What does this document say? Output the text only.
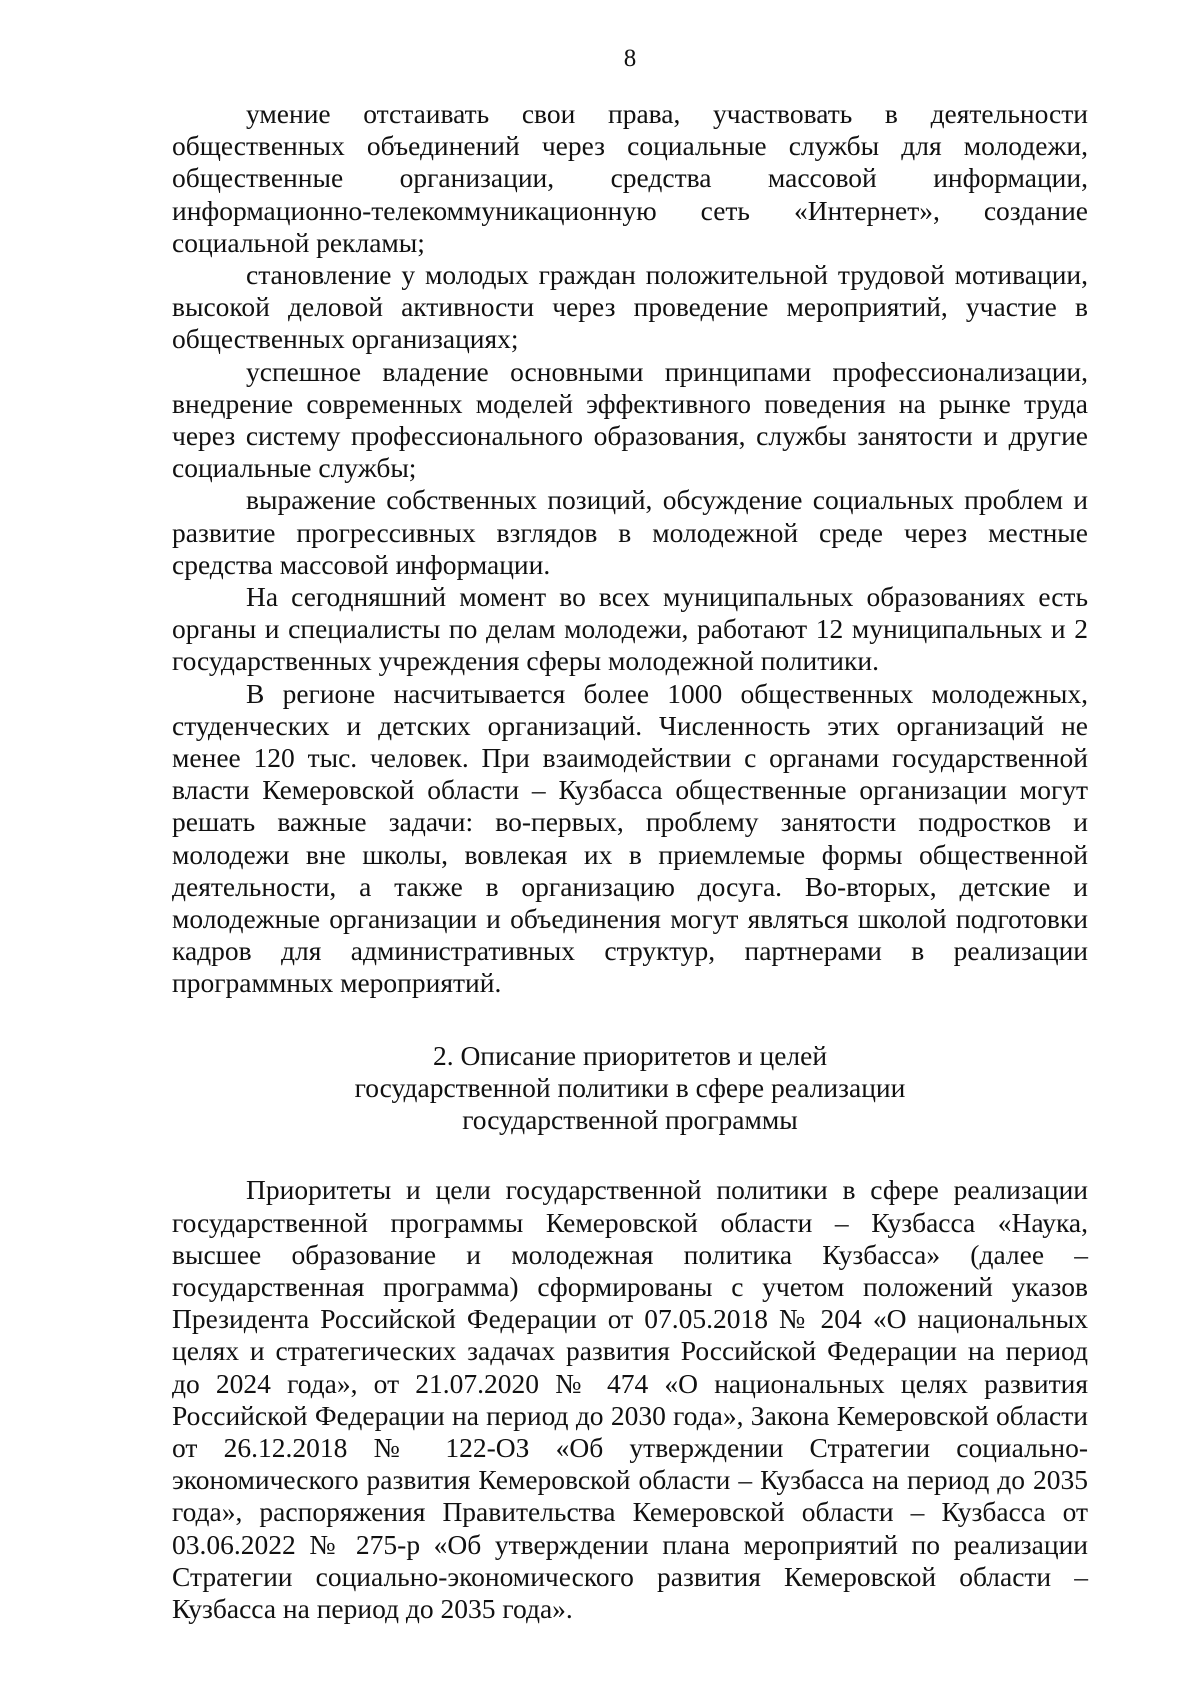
8

умение отстаивать свои права, участвовать в деятельности общественных объединений через социальные службы для молодежи, общественные организации, средства массовой информации, информационно-телекоммуникационную сеть «Интернет», создание социальной рекламы;

становление у молодых граждан положительной трудовой мотивации, высокой деловой активности через проведение мероприятий, участие в общественных организациях;

успешное владение основными принципами профессионализации, внедрение современных моделей эффективного поведения на рынке труда через систему профессионального образования, службы занятости и другие социальные службы;

выражение собственных позиций, обсуждение социальных проблем и развитие прогрессивных взглядов в молодежной среде через местные средства массовой информации.

На сегодняшний момент во всех муниципальных образованиях есть органы и специалисты по делам молодежи, работают 12 муниципальных и 2 государственных учреждения сферы молодежной политики.

В регионе насчитывается более 1000 общественных молодежных, студенческих и детских организаций. Численность этих организаций не менее 120 тыс. человек. При взаимодействии с органами государственной власти Кемеровской области – Кузбасса общественные организации могут решать важные задачи: во-первых, проблему занятости подростков и молодежи вне школы, вовлекая их в приемлемые формы общественной деятельности, а также в организацию досуга. Во-вторых, детские и молодежные организации и объединения могут являться школой подготовки кадров для административных структур, партнерами в реализации программных мероприятий.

2. Описание приоритетов и целей
государственной политики в сфере реализации
государственной программы

Приоритеты и цели государственной политики в сфере реализации государственной программы Кемеровской области – Кузбасса «Наука, высшее образование и молодежная политика Кузбасса» (далее – государственная программа) сформированы с учетом положений указов Президента Российской Федерации от 07.05.2018 № 204 «О национальных целях и стратегических задачах развития Российской Федерации на период до 2024 года», от 21.07.2020 № 474 «О национальных целях развития Российской Федерации на период до 2030 года», Закона Кемеровской области от 26.12.2018 № 122-ОЗ «Об утверждении Стратегии социально-экономического развития Кемеровской области – Кузбасса на период до 2035 года», распоряжения Правительства Кемеровской области – Кузбасса от 03.06.2022 № 275-р «Об утверждении плана мероприятий по реализации Стратегии социально-экономического развития Кемеровской области – Кузбасса на период до 2035 года».
